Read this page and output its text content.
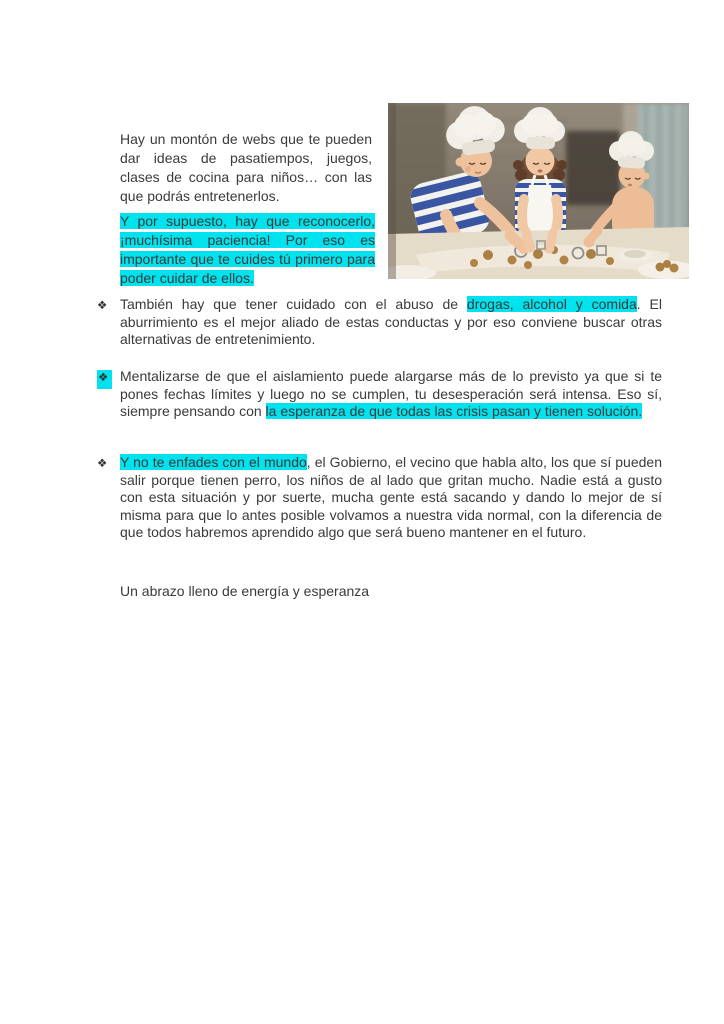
Hay un montón de webs que te pueden dar ideas de pasatiempos, juegos, clases de cocina para niños… con las que podrás entretenerlos.

Y por supuesto, hay que reconocerlo, ¡muchísima paciencia! Por eso es importante que te cuides tú primero para poder cuidar de ellos.

❖ También hay que tener cuidado con el abuso de drogas, alcohol y comida. El aburrimiento es el mejor aliado de estas conductas y por eso conviene buscar otras alternativas de entretenimiento.

❖ Mentalizarse de que el aislamiento puede alargarse más de lo previsto ya que si te pones fechas límites y luego no se cumplen, tu desesperación será intensa. Eso sí, siempre pensando con la esperanza de que todas las crisis pasan y tienen solución.

❖ Y no te enfades con el mundo, el Gobierno, el vecino que habla alto, los que sí pueden salir porque tienen perro, los niños de al lado que gritan mucho. Nadie está a gusto con esta situación y por suerte, mucha gente está sacando y dando lo mejor de sí misma para que lo antes posible volvamos a nuestra vida normal, con la diferencia de que todos habremos aprendido algo que será bueno mantener en el futuro.

Un abrazo lleno de energía y esperanza
